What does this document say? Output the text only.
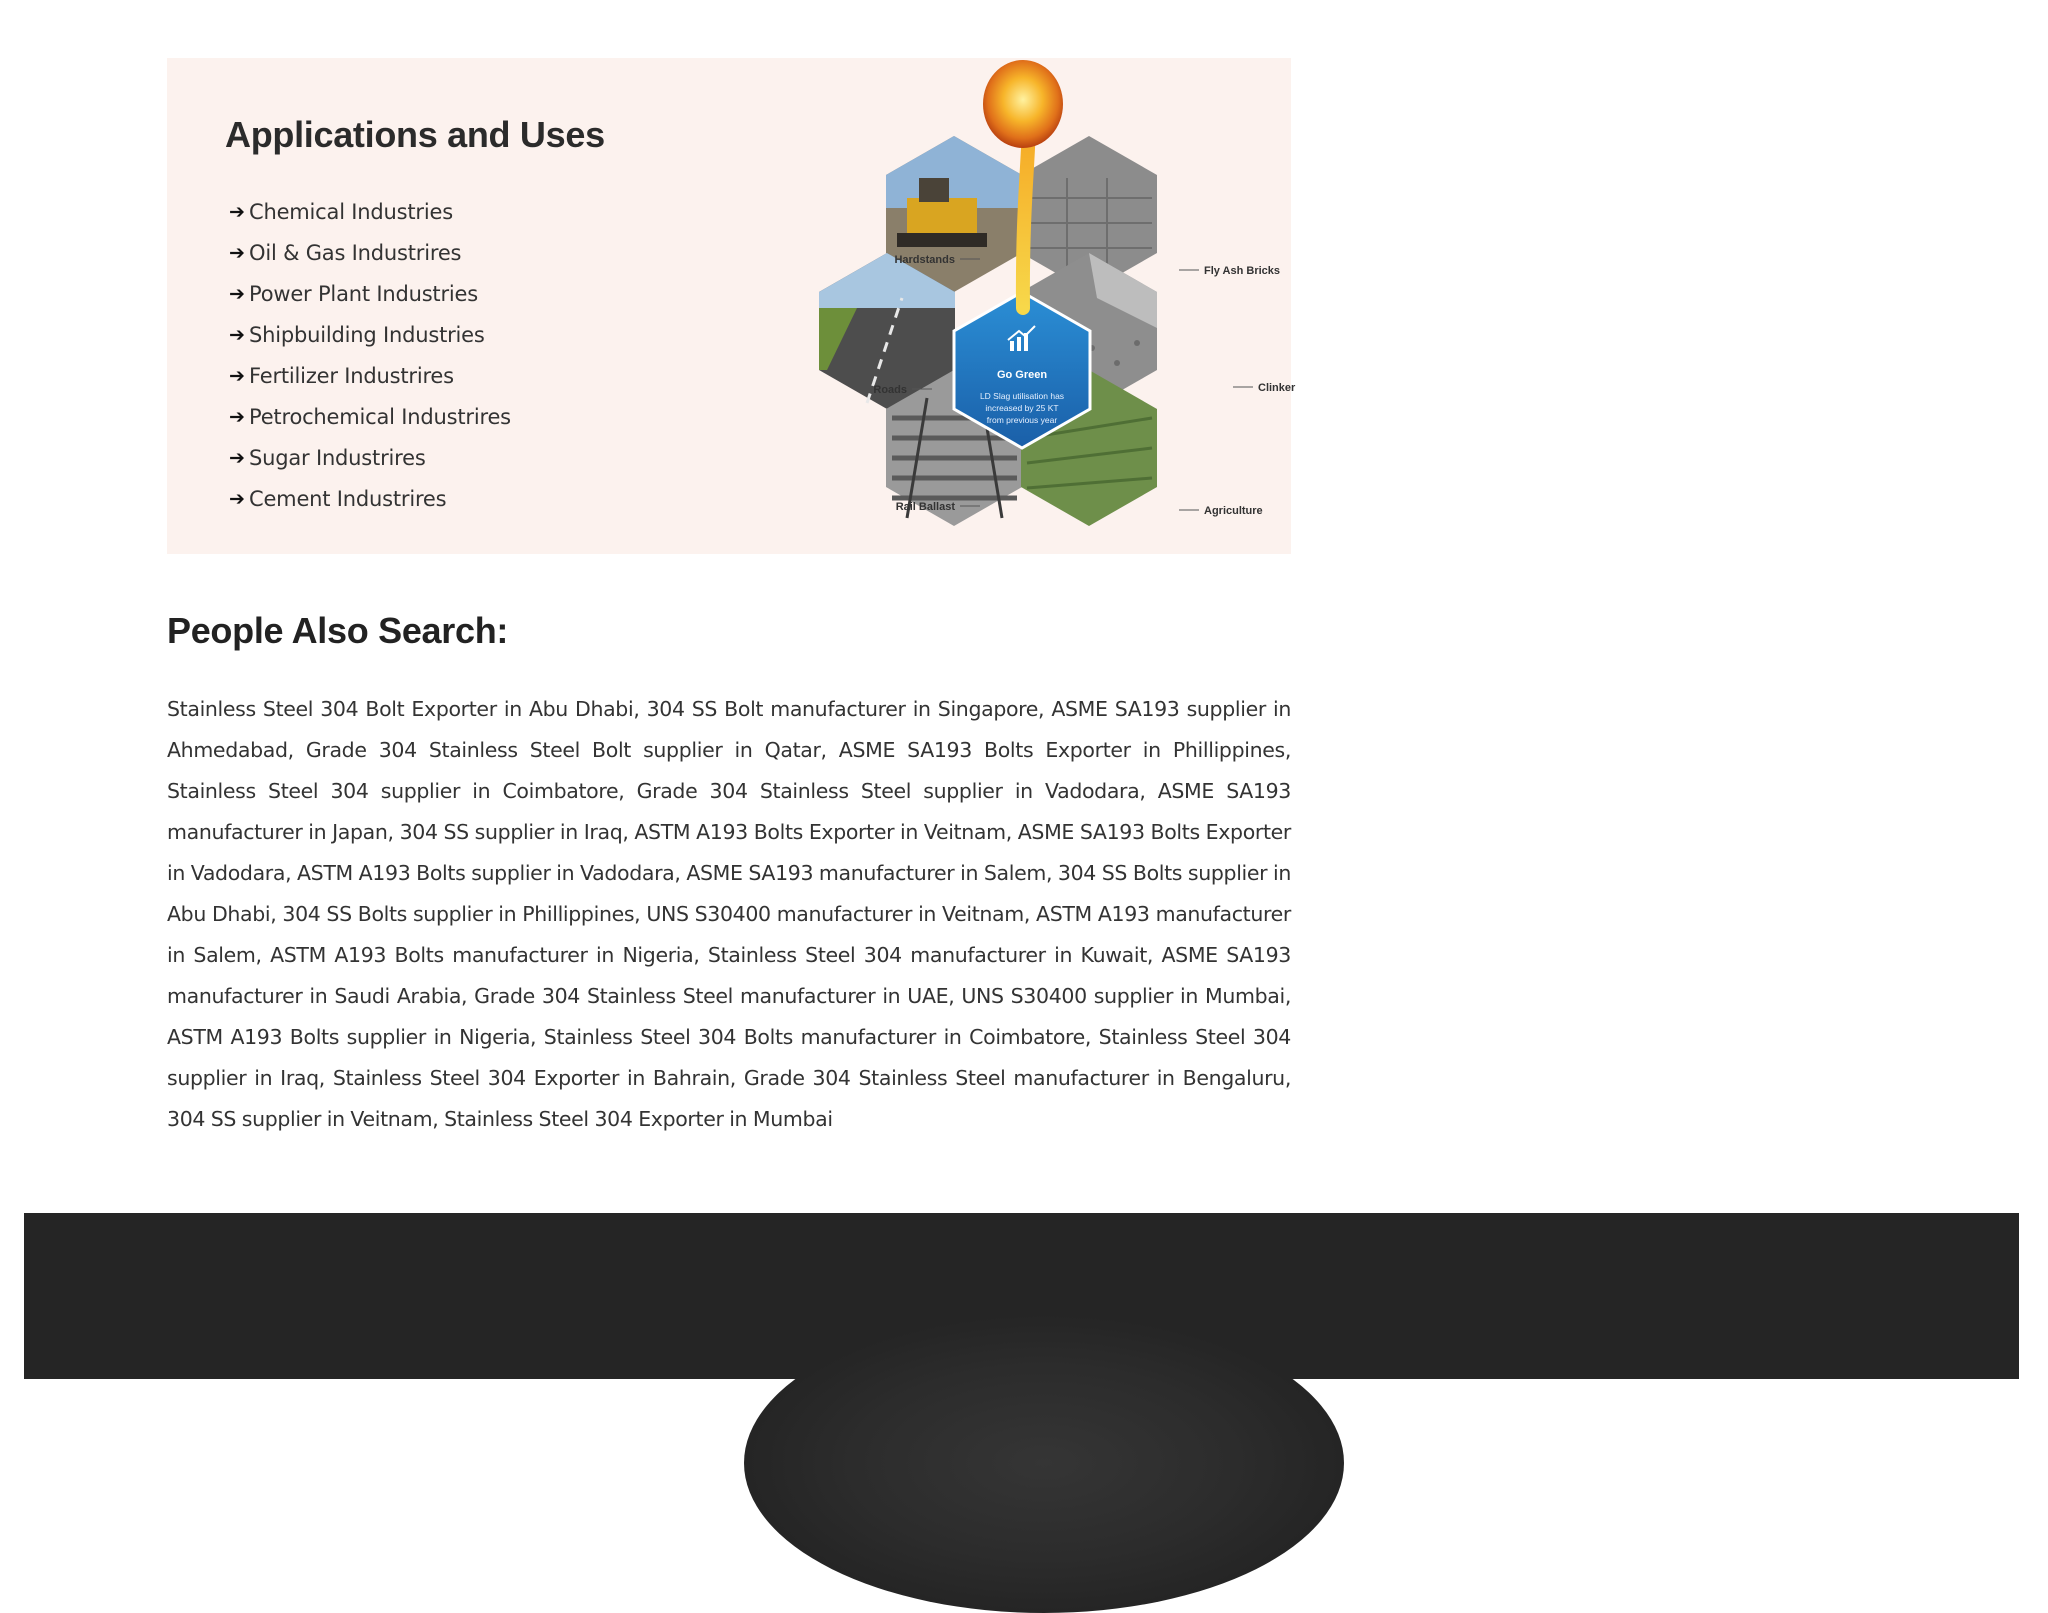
Applications and Uses
➔ Chemical Industries
➔ Oil & Gas Industrires
➔ Power Plant Industries
➔ Shipbuilding Industries
➔ Fertilizer Industrires
➔ Petrochemical Industrires
➔ Sugar Industrires
➔ Cement Industrires
Go Green
LD Slag utilisation has
increased by 25 KT
from previous year
Hardstands
Fly Ash Bricks
Roads	Clinker
Rail Ballast	Agriculture
People Also Search:

Stainless Steel 304 Bolt Exporter in Abu Dhabi, 304 SS Bolt manufacturer in Singapore, ASME SA193 supplier in Ahmedabad, Grade 304 Stainless Steel Bolt supplier in Qatar, ASME SA193 Bolts Exporter in Phillippines, Stainless Steel 304 supplier in Coimbatore, Grade 304 Stainless Steel supplier in Vadodara, ASME SA193 manufacturer in Japan, 304 SS supplier in Iraq, ASTM A193 Bolts Exporter in Veitnam, ASME SA193 Bolts Exporter in Vadodara, ASTM A193 Bolts supplier in Vadodara, ASME SA193 manufacturer in Salem, 304 SS Bolts supplier in Abu Dhabi, 304 SS Bolts supplier in Phillippines, UNS S30400 manufacturer in Veitnam, ASTM A193 manufacturer in Salem, ASTM A193 Bolts manufacturer in Nigeria, Stainless Steel 304 manufacturer in Kuwait, ASME SA193 manufacturer in Saudi Arabia, Grade 304 Stainless Steel manufacturer in UAE, UNS S30400 supplier in Mumbai, ASTM A193 Bolts supplier in Nigeria, Stainless Steel 304 Bolts manufacturer in Coimbatore, Stainless Steel 304 supplier in Iraq, Stainless Steel 304 Exporter in Bahrain, Grade 304 Stainless Steel manufacturer in Bengaluru, 304 SS supplier in Veitnam, Stainless Steel 304 Exporter in Mumbai
